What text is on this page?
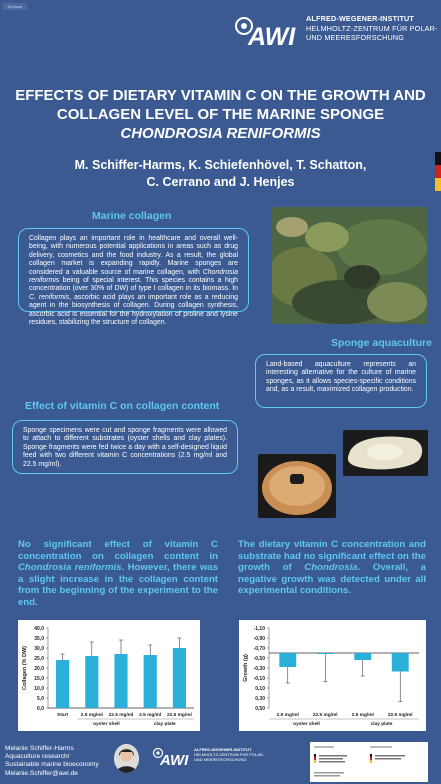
Sponsor
AWI
ALFRED-WEGENER-INSTITUT
HELMHOLTZ-ZENTRUM FÜR POLAR-
UND MEERESFORSCHUNG
EFFECTS OF DIETARY VITAMIN C ON THE GROWTH AND
COLLAGEN LEVEL OF THE MARINE SPONGE
CHONDROSIA RENIFORMIS
M. Schiffer-Harms, K. Schiefenhövel, T. Schatton,
C. Cerrano and J. Henjes
Marine collagen
Collagen plays an important role in healthcare and overall well-being, with numerous potential applications in areas such as drug delivery, cosmetics and the food industry. As a result, the global collagen market is expanding rapidly. Marine sponges are considered a valuable source of marine collagen, with Chondrosia reniformis being of special interest. This species contains a high concentration (over 30% of DW) of type I collagen in its biomass. In C. reniformis, ascorbic acid plays an important role as a reducing agent in the biosynthesis of collagen. During collagen synthesis, ascorbic acid is essential for the hydroxylation of proline and lysine residues, stabilizing the structure of collagen.
Sponge aquaculture
Land-based aquaculture represents an interesting alternative for the culture of marine sponges, as it allows species-specific conditions and, as a result, maximized collagen production.
Effect of vitamin C on collagen content
Sponge specimens were cut and sponge fragments were allowed to attach to different substrates (oyster shells and clay plates). Sponge fragments were fed twice a day with a self-designed liquid feed with two different vitamin C concentrations (2.5 mg/ml and 22.5 mg/ml).
No significant effect of vitamin C concentration on collagen content in Chondrosia reniformis. However, there was a slight increase in the collagen content from the beginning of the experiment to the end.
The dietary vitamin C concentration and substrate had no significant effect on the growth of Chondrosia. Overall, a negative growth was detected under all experimental conditions.
0,0
5,0
10,0
15,0
20,0
25,0
30,0
35,0
40,0
Collagen (% DW)
Start	2.5 mg/ml 22.5 mg/ml 2.5 mg/ml 22.5 mg/ml
oyster shell	clay plate
0,50
0,30
0,10
-0,10
-0,30
-0,50
-0,70
-0,90
-1,10
Growth (g)
2.5 mg/ml	22.5 mg/ml	2.5 mg/ml	22.5 mg/ml
oyster shell	clay plate
Melanie Schiffer-Harms
Aquaculture research/
Sustainable marine bioeconomy
Melanie.Schiffer@awi.de
AWI
ALFRED-WEGENER-INSTITUT
HELMHOLTZ-ZENTRUM FÜR POLAR-
UND MEERESFORSCHUNG
